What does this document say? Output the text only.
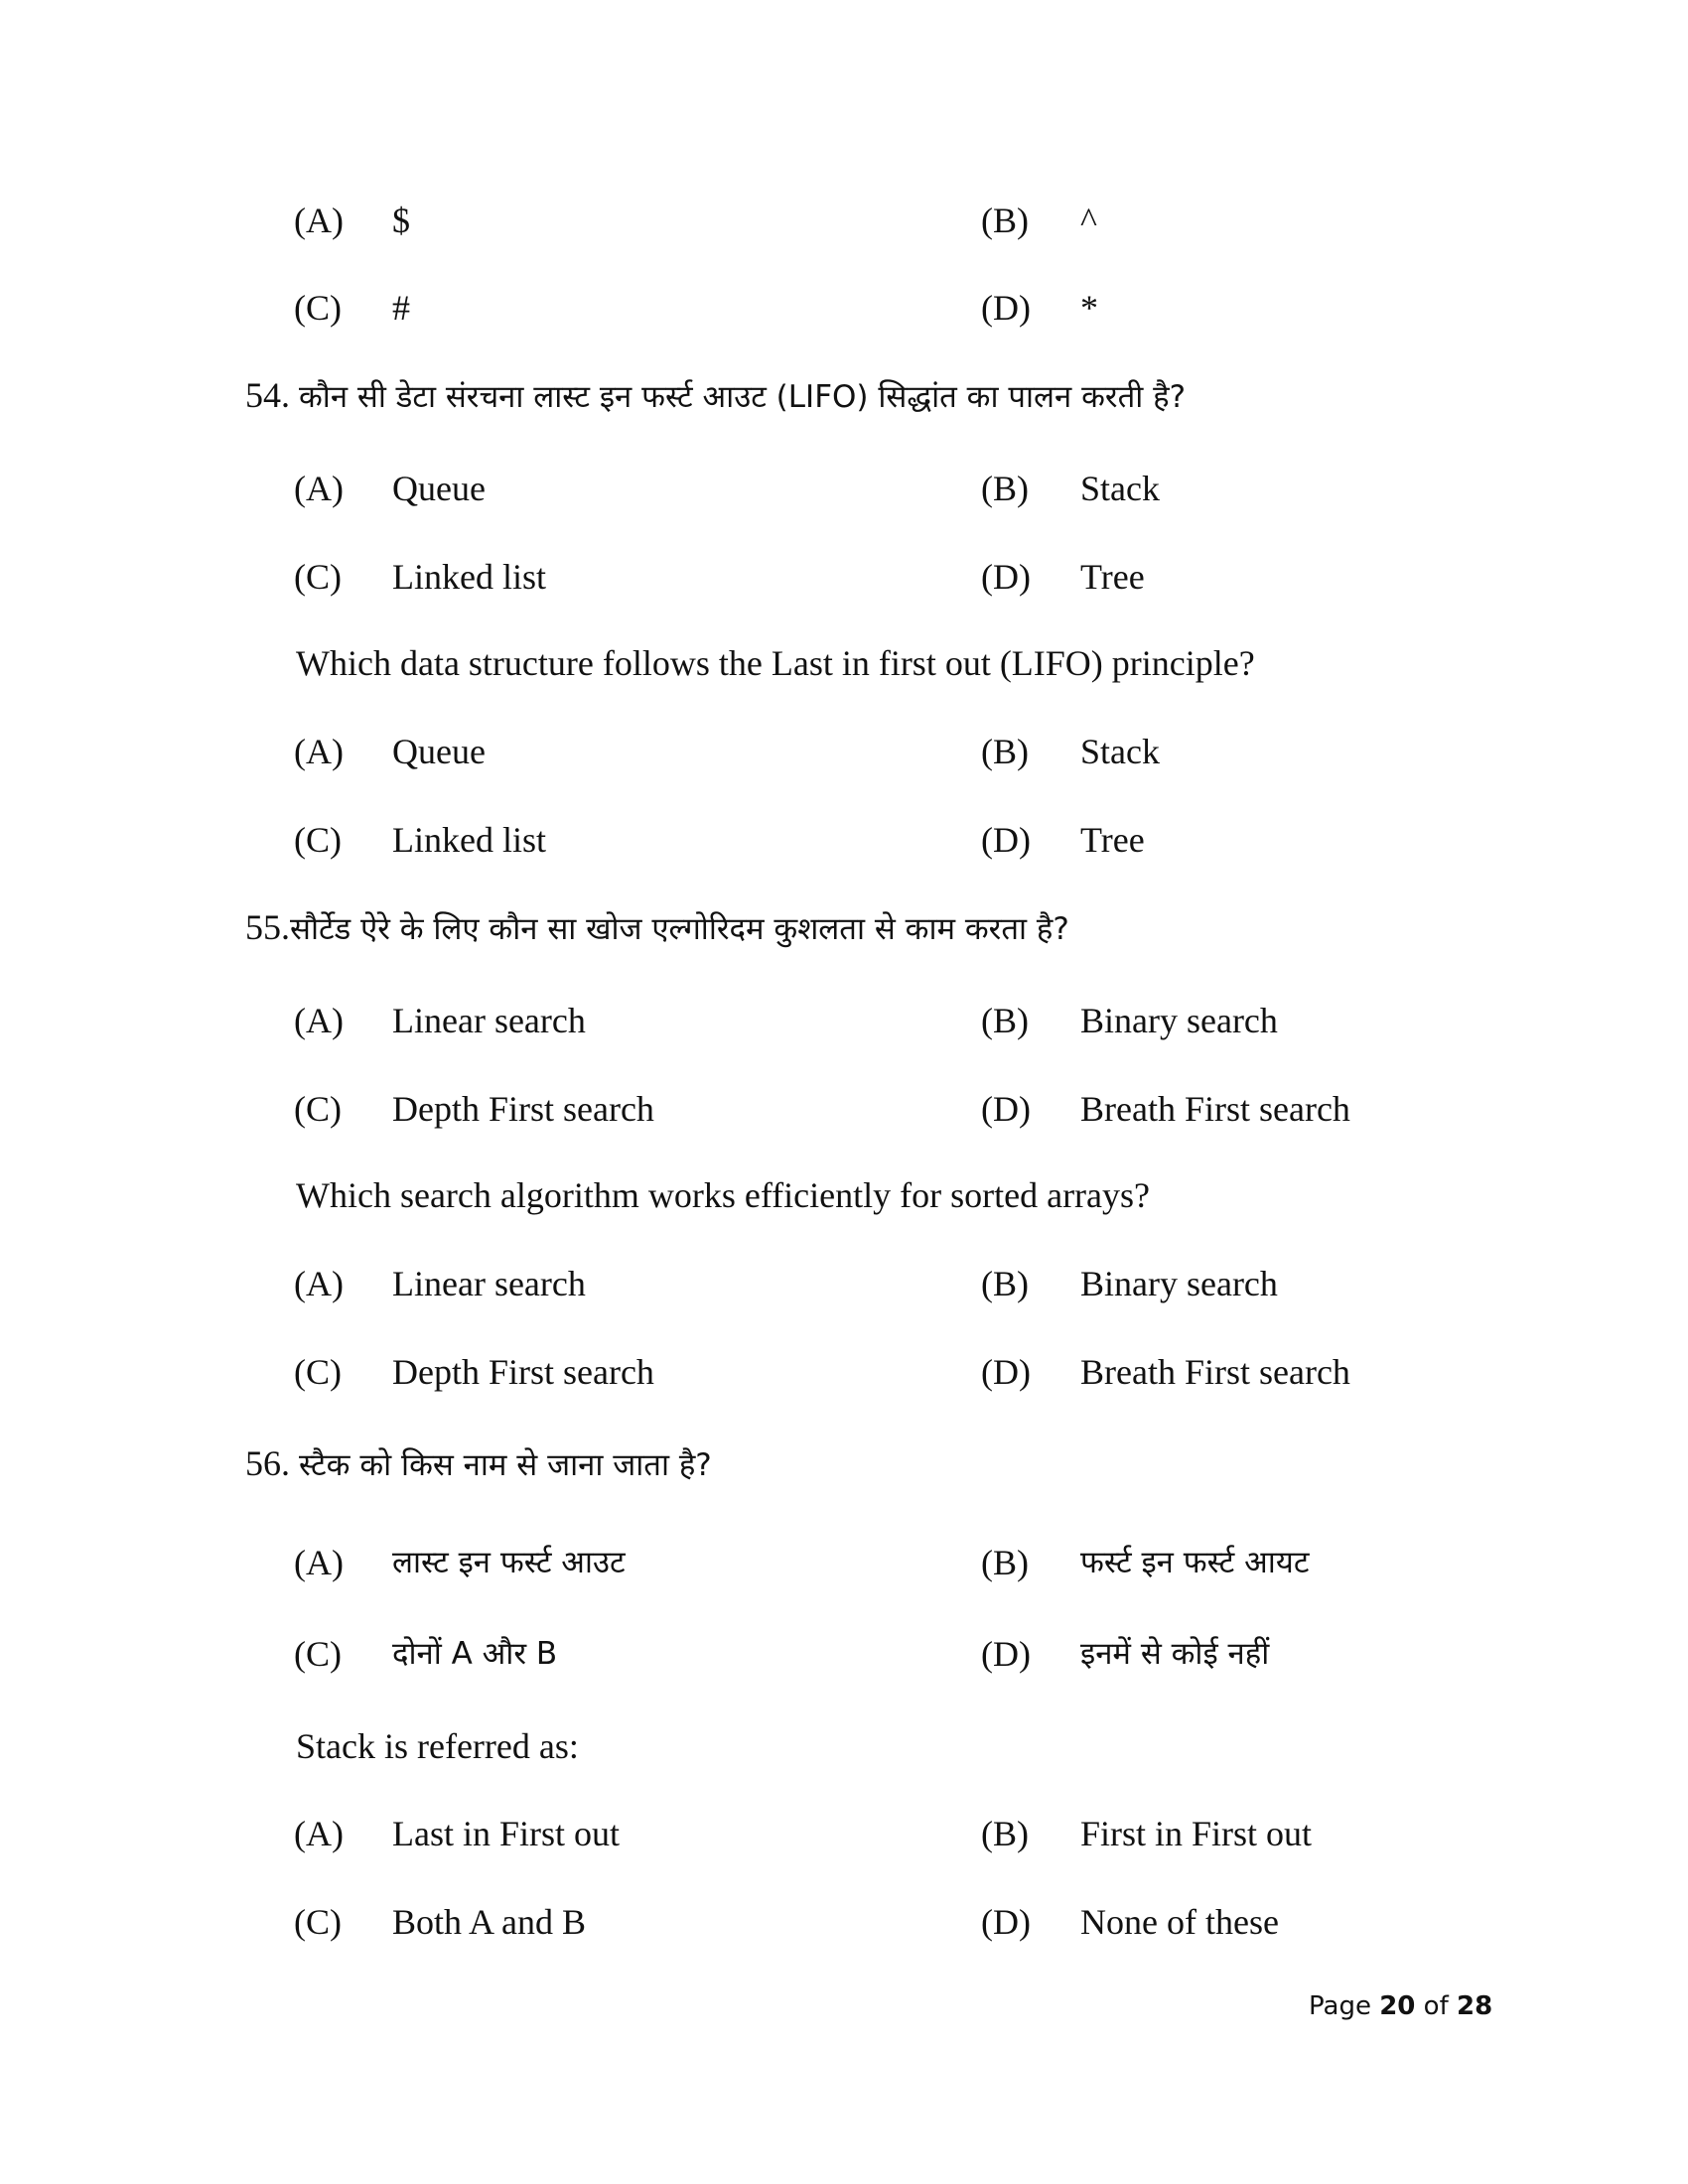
(A) $	(B) ^
(C) #	(D) *
54. कौन सी डेटा संरचना लास्ट इन फर्स्ट आउट (LIFO) सिद्धांत का पालन करती है?
(A) Queue	(B) Stack
(C) Linked list	(D) Tree
Which data structure follows the Last in first out (LIFO) principle?
(A) Queue	(B) Stack
(C) Linked list	(D) Tree
55.सौर्टेड ऐरे के लिए कौन सा खोज एल्गोरिदम कुशलता से काम करता है?
(A) Linear search	(B) Binary search
(C) Depth First search	(D) Breath First search
Which search algorithm works efficiently for sorted arrays?
(A) Linear search	(B) Binary search
(C) Depth First search	(D) Breath First search
56. स्टैक को किस नाम से जाना जाता है?
(A) लास्ट इन फर्स्ट आउट	(B) फर्स्ट इन फर्स्ट आयट
(C) दोनों A और B	(D) इनमें से कोई नहीं
Stack is referred as:
(A) Last in First out	(B) First in First out
(C) Both A and B	(D) None of these
Page 20 of 28
